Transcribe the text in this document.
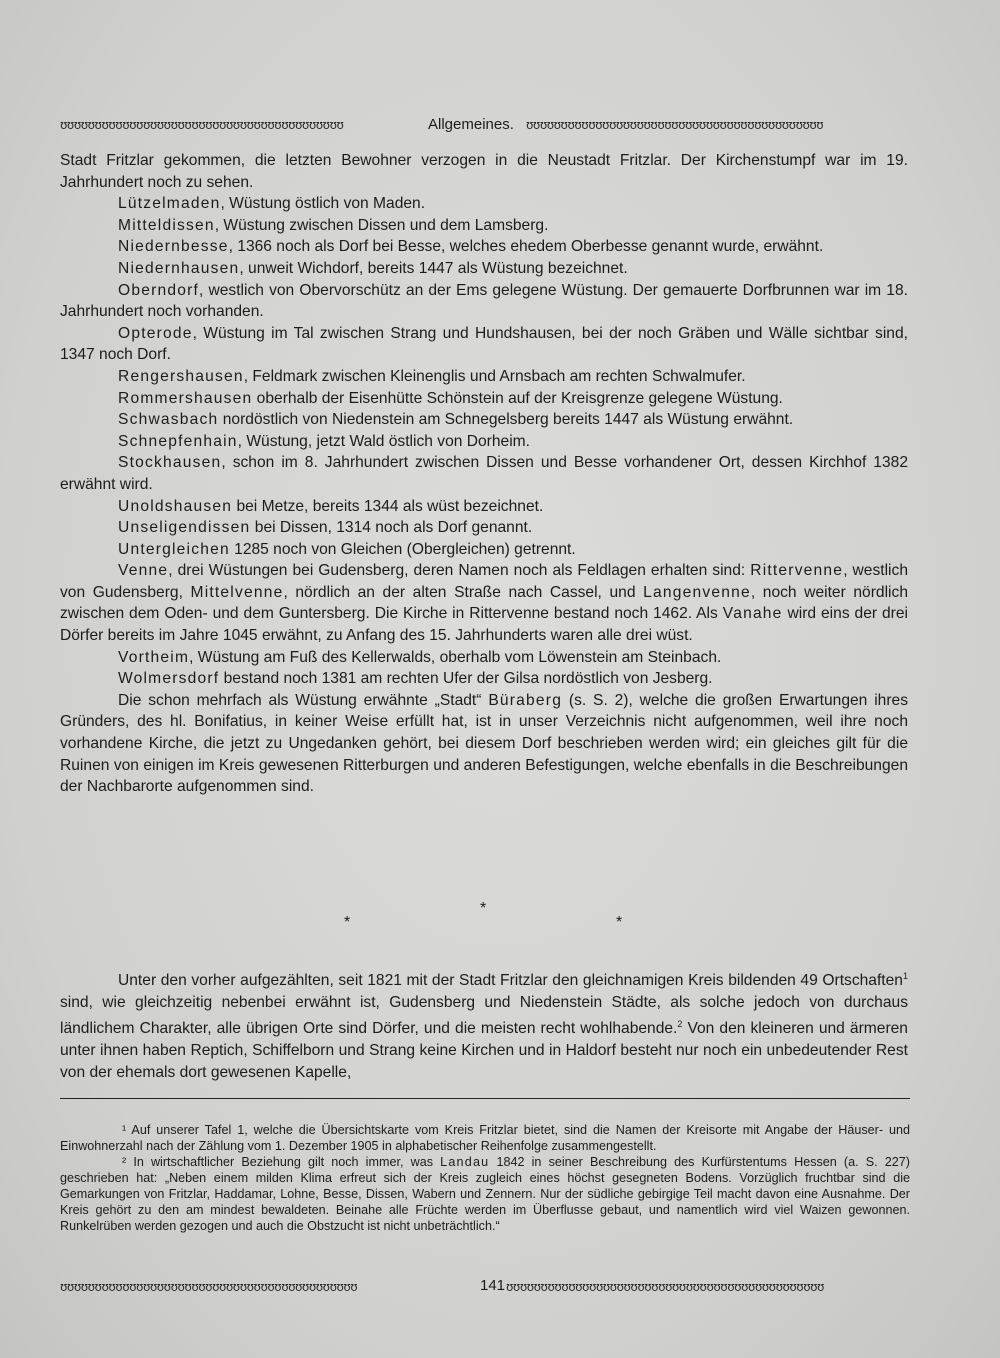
ʊʊʊʊʊʊʊʊʊʊʊʊʊʊʊʊʊʊʊʊʊʊʊʊʊʊʊʊʊʊʊʊʊʊʊʊʊʊʊʊʊ	Allgemeines. ʊʊʊʊʊʊʊʊʊʊʊʊʊʊʊʊʊʊʊʊʊʊʊʊʊʊʊʊʊʊʊʊʊʊʊʊʊʊʊʊʊʊʊ

Stadt Fritzlar gekommen, die letzten Bewohner verzogen in die Neustadt Fritzlar. Der Kirchenstumpf war im 19. Jahrhundert noch zu sehen.

Lützelmaden, Wüstung östlich von Maden.

Mitteldissen, Wüstung zwischen Dissen und dem Lamsberg.

Niedernbesse, 1366 noch als Dorf bei Besse, welches ehedem Oberbesse genannt wurde, erwähnt.

Niedernhausen, unweit Wichdorf, bereits 1447 als Wüstung bezeichnet.

Oberndorf, westlich von Obervorschütz an der Ems gelegene Wüstung. Der gemauerte Dorfbrunnen war im 18. Jahrhundert noch vorhanden.

Opterode, Wüstung im Tal zwischen Strang und Hundshausen, bei der noch Gräben und Wälle sichtbar sind, 1347 noch Dorf.

Rengershausen, Feldmark zwischen Kleinenglis und Arnsbach am rechten Schwalmufer.

Rommershausen oberhalb der Eisenhütte Schönstein auf der Kreisgrenze gelegene Wüstung.

Schwasbach nordöstlich von Niedenstein am Schnegelsberg bereits 1447 als Wüstung erwähnt.

Schnepfenhain, Wüstung, jetzt Wald östlich von Dorheim.

Stockhausen, schon im 8. Jahrhundert zwischen Dissen und Besse vorhandener Ort, dessen Kirchhof 1382 erwähnt wird.

Unoldshausen bei Metze, bereits 1344 als wüst bezeichnet.

Unseligendissen bei Dissen, 1314 noch als Dorf genannt.

Untergleichen 1285 noch von Gleichen (Obergleichen) getrennt.

Venne, drei Wüstungen bei Gudensberg, deren Namen noch als Feldlagen erhalten sind: Rittervenne, westlich von Gudensberg, Mittelvenne, nördlich an der alten Straße nach Cassel, und Langenvenne, noch weiter nördlich zwischen dem Oden- und dem Guntersberg. Die Kirche in Rittervenne bestand noch 1462. Als Vanahe wird eins der drei Dörfer bereits im Jahre 1045 erwähnt, zu Anfang des 15. Jahrhunderts waren alle drei wüst.

Vortheim, Wüstung am Fuß des Kellerwalds, oberhalb vom Löwenstein am Steinbach.

Wolmersdorf bestand noch 1381 am rechten Ufer der Gilsa nordöstlich von Jesberg.

Die schon mehrfach als Wüstung erwähnte „Stadt“ Büraberg (s. S. 2), welche die großen Erwartungen ihres Gründers, des hl. Bonifatius, in keiner Weise erfüllt hat, ist in unser Verzeichnis nicht aufgenommen, weil ihre noch vorhandene Kirche, die jetzt zu Ungedanken gehört, bei diesem Dorf beschrieben werden wird; ein gleiches gilt für die Ruinen von einigen im Kreis gewesenen Ritterburgen und anderen Befestigungen, welche ebenfalls in die Beschreibungen der Nachbarorte aufgenommen sind.

*
*	*

Unter den vorher aufgezählten, seit 1821 mit der Stadt Fritzlar den gleichnamigen Kreis bildenden 49 Ortschaften$^1$ sind, wie gleichzeitig nebenbei erwähnt ist, Gudensberg und Niedenstein Städte, als solche jedoch von durchaus ländlichem Charakter, alle übrigen Orte sind Dörfer, und die meisten recht wohlhabende.$^2$ Von den kleineren und ärmeren unter ihnen haben Reptich, Schiffelborn und Strang keine Kirchen und in Haldorf besteht nur noch ein unbedeutender Rest von der ehemals dort gewesenen Kapelle,

¹ Auf unserer Tafel 1, welche die Übersichtskarte vom Kreis Fritzlar bietet, sind die Namen der Kreisorte mit Angabe der Häuser- und Einwohnerzahl nach der Zählung vom 1. Dezember 1905 in alphabetischer Reihenfolge zusammengestellt.

² In wirtschaftlicher Beziehung gilt noch immer, was Landau 1842 in seiner Beschreibung des Kurfürstentums Hessen (a. S. 227) geschrieben hat: „Neben einem milden Klima erfreut sich der Kreis zugleich eines höchst gesegneten Bodens. Vorzüglich fruchtbar sind die Gemarkungen von Fritzlar, Haddamar, Lohne, Besse, Dissen, Wabern und Zennern. Nur der südliche gebirgige Teil macht davon eine Ausnahme. Der Kreis gehört zu den am mindest bewaldeten. Beinahe alle Früchte werden im Überflusse gebaut, und namentlich wird viel Waizen gewonnen. Runkelrüben werden gezogen und auch die Obstzucht ist nicht unbeträchtlich.“

ʊʊʊʊʊʊʊʊʊʊʊʊʊʊʊʊʊʊʊʊʊʊʊʊʊʊʊʊʊʊʊʊʊʊʊʊʊʊʊʊʊʊʊ	141 ʊʊʊʊʊʊʊʊʊʊʊʊʊʊʊʊʊʊʊʊʊʊʊʊʊʊʊʊʊʊʊʊʊʊʊʊʊʊʊʊʊʊʊʊʊʊ
